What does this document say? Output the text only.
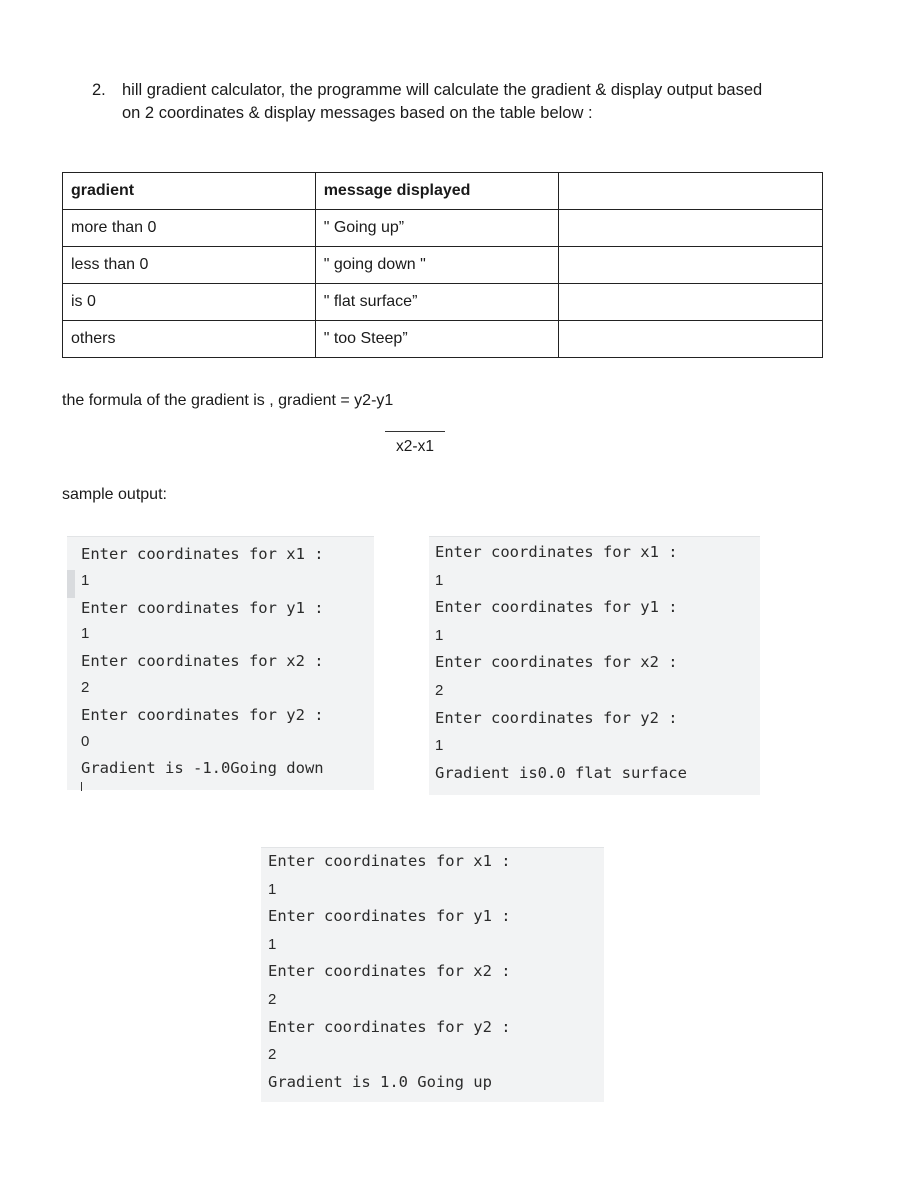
2. hill gradient calculator, the programme will calculate the gradient & display output based
on 2 coordinates & display messages based on the table below :
gradient	message displayed	
more than 0	" Going up”	
less than 0	" going down "	
is 0	" flat surface”	
others	" too Steep”	
the formula of the gradient is , gradient = y2-y1
x2-x1
sample output:
Enter coordinates for x1 :
1
Enter coordinates for y1 :
1
Enter coordinates for x2 :
2
Enter coordinates for y2 :
0
Gradient is -1.0Going down
Enter coordinates for x1 :
1
Enter coordinates for y1 :
1
Enter coordinates for x2 :
2
Enter coordinates for y2 :
1
Gradient is0.0 flat surface
Enter coordinates for x1 :
1
Enter coordinates for y1 :
1
Enter coordinates for x2 :
2
Enter coordinates for y2 :
2
Gradient is 1.0 Going up
